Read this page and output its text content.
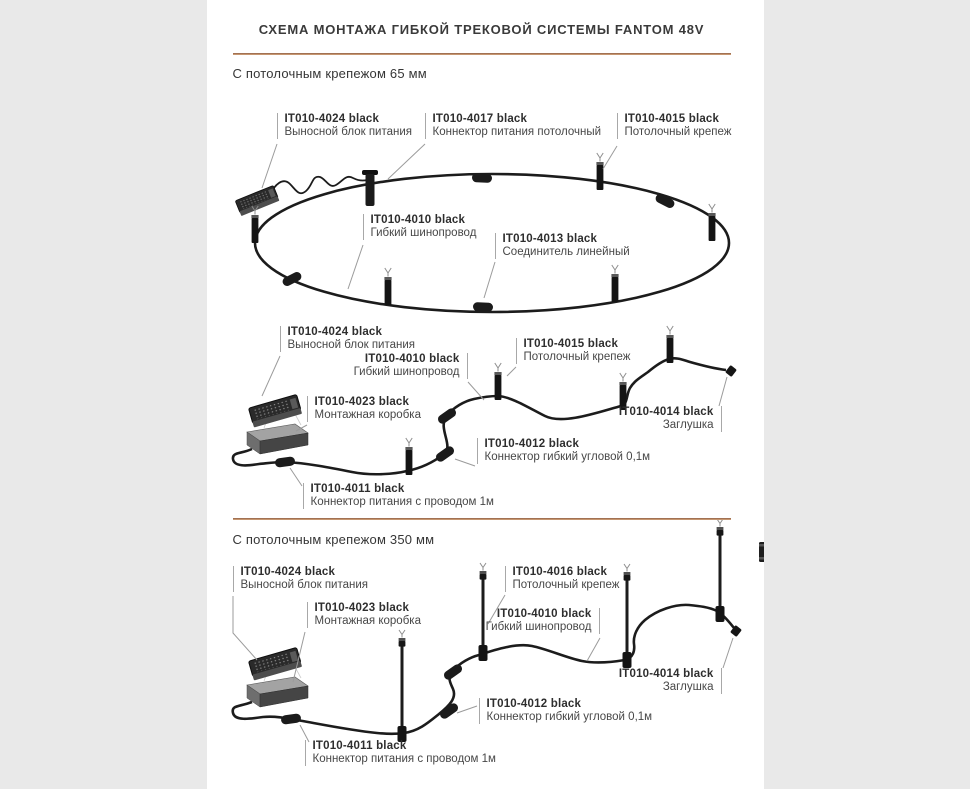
СХЕМА МОНТАЖА ГИБКОЙ ТРЕКОВОЙ СИСТЕМЫ FANTOM 48V
С потолочным крепежом 65 мм
IT010-4024 black
Выносной блок питания
IT010-4017 black
Коннектор питания потолочный
IT010-4015 black
Потолочный крепеж
IT010-4010 black
Гибкий шинопровод IT010-4013 black
Соединитель линейный
IT010-4024 black
Выносной блок питания
IT010-4010 black
Гибкий шинопровод
IT010-4015 black
Потолочный крепеж
IT010-4023 black
Монтажная коробка	IT010-4014 black
Заглушка
IT010-4012 black
Коннектор гибкий угловой 0,1м
IT010-4011 black
Коннектор питания с проводом 1м
С потолочным крепежом 350 мм
IT010-4024 black
Выносной блок питания
IT010-4023 black
Монтажная коробка
IT010-4016 black
Потолочный крепеж
IT010-4010 black
Гибкий шинопровод
IT010-4014 black
Заглушка
IT010-4012 black
Коннектор гибкий угловой 0,1м
IT010-4011 black
Коннектор питания с проводом 1м
